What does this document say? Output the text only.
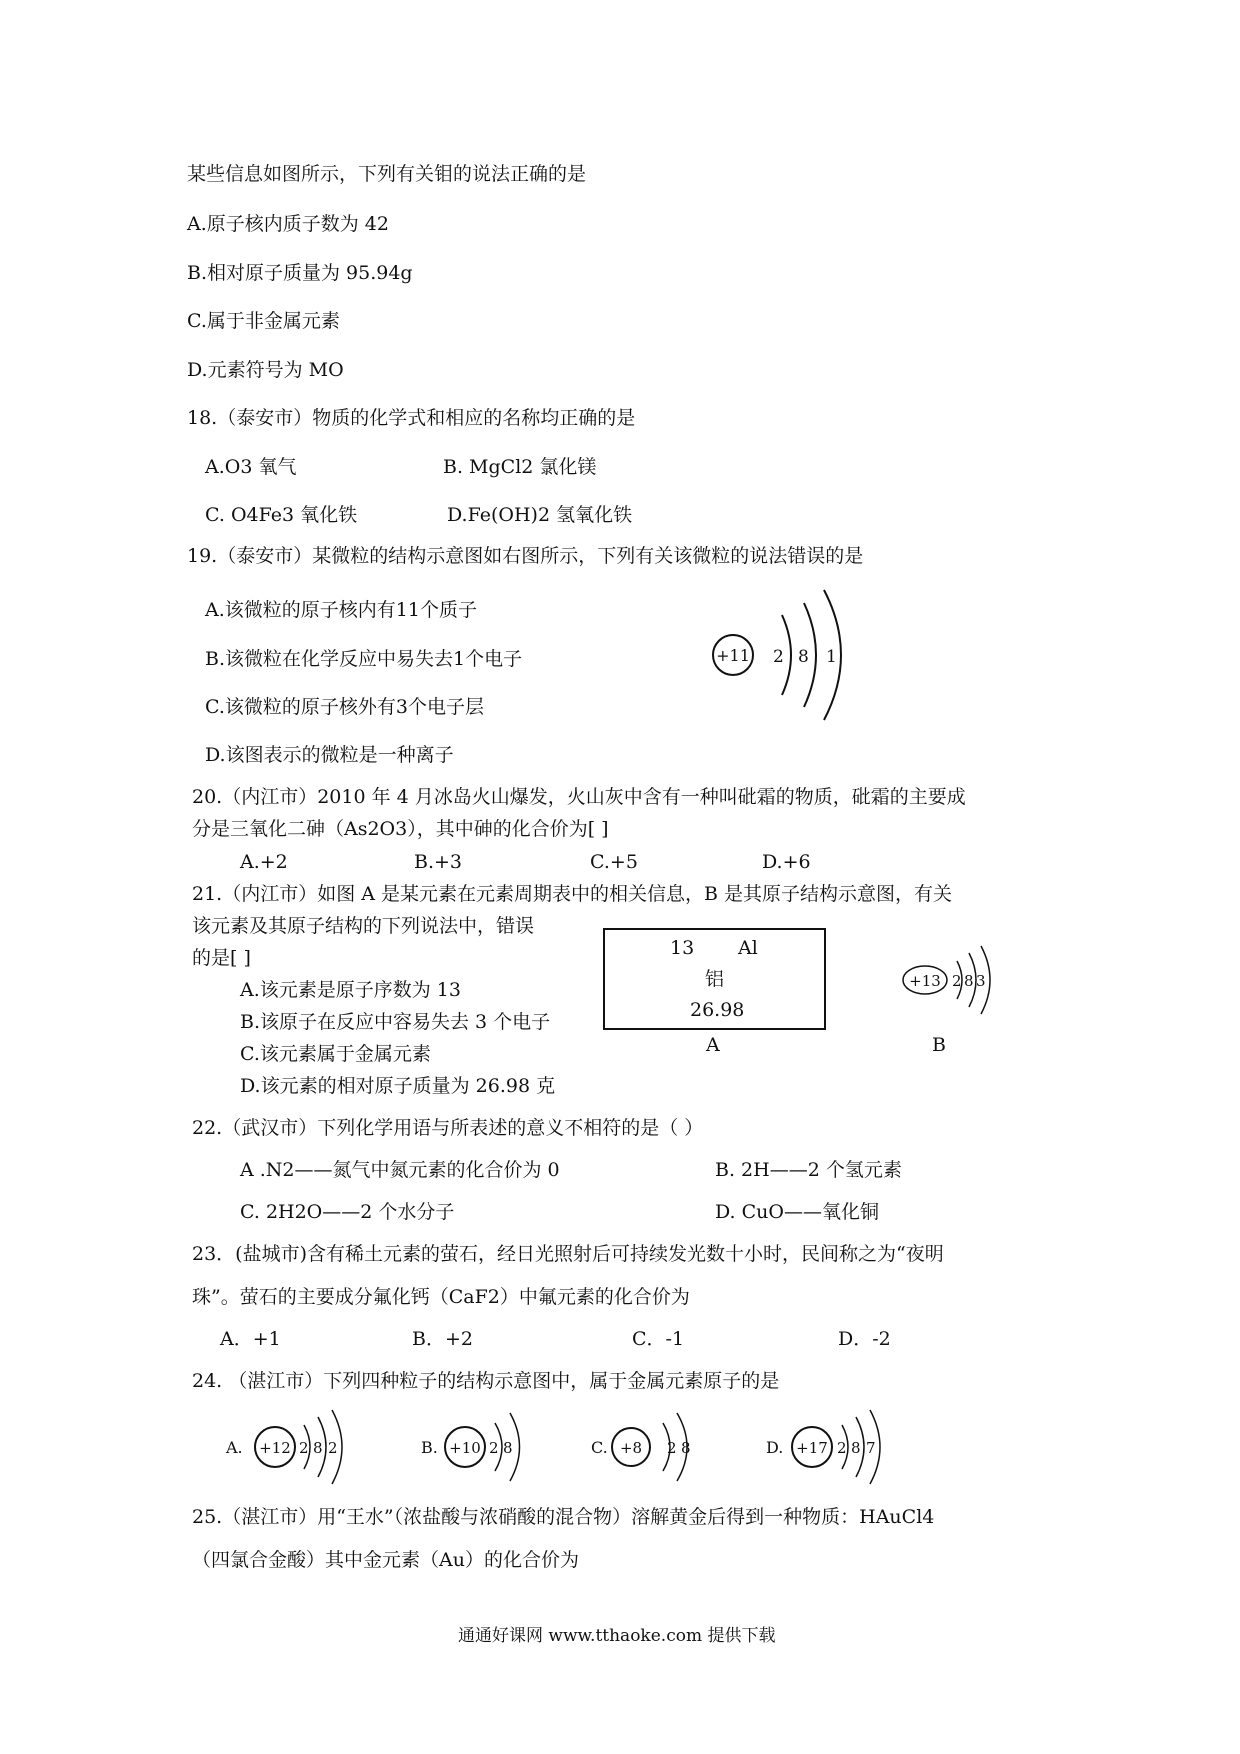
某些信息如图所示，下列有关钼的说法正确的是
A.原子核内质子数为 42
B.相对原子质量为 95.94g
C.属于非金属元素
D.元素符号为 MO
18.（泰安市）物质的化学式和相应的名称均正确的是
A.O3 氧气	B. MgCl2 氯化镁
C. O4Fe3 氧化铁	D.Fe(OH)2 氢氧化铁
19.（泰安市）某微粒的结构示意图如右图所示，下列有关该微粒的说法错误的是
A.该微粒的原子核内有11个质子
B.该微粒在化学反应中易失去1个电子
C.该微粒的原子核外有3个电子层
D.该图表示的微粒是一种离子
+11 2 8 1
20.（内江市）2010 年 4 月冰岛火山爆发，火山灰中含有一种叫砒霜的物质，砒霜的主要成
分是三氧化二砷（As2O3），其中砷的化合价为[ ]
A.+2	B.+3	C.+5	D.+6
21.（内江市）如图 A 是某元素在元素周期表中的相关信息，B 是其原子结构示意图，有关
该元素及其原子结构的下列说法中，错误
的是[ ]
A.该元素是原子序数为 13
B.该原子在反应中容易失去 3 个电子
C.该元素属于金属元素
D.该元素的相对原子质量为 26.98 克
13 Al
铝
26.98
A
+13 2 8 3
B
22.（武汉市）下列化学用语与所表述的意义不相符的是（ ）
A .N2——氮气中氮元素的化合价为 0	B. 2H——2 个氢元素
C. 2H2O——2 个水分子	D. CuO——氧化铜
23．(盐城市)含有稀土元素的萤石，经日光照射后可持续发光数十小时，民间称之为“夜明
珠”。萤石的主要成分氟化钙（CaF2）中氟元素的化合价为
A．+1	B．+2	C．-1	D．-2
24. （湛江市）下列四种粒子的结构示意图中，属于金属元素原子的是
A. +12 2 8 2	B. +10 2 8	C. +8 2 8	D. +17 2 8 7
25.（湛江市）用“王水”（浓盐酸与浓硝酸的混合物）溶解黄金后得到一种物质：HAuCl4
（四氯合金酸）其中金元素（Au）的化合价为
通通好课网 www.tthaoke.com 提供下载
